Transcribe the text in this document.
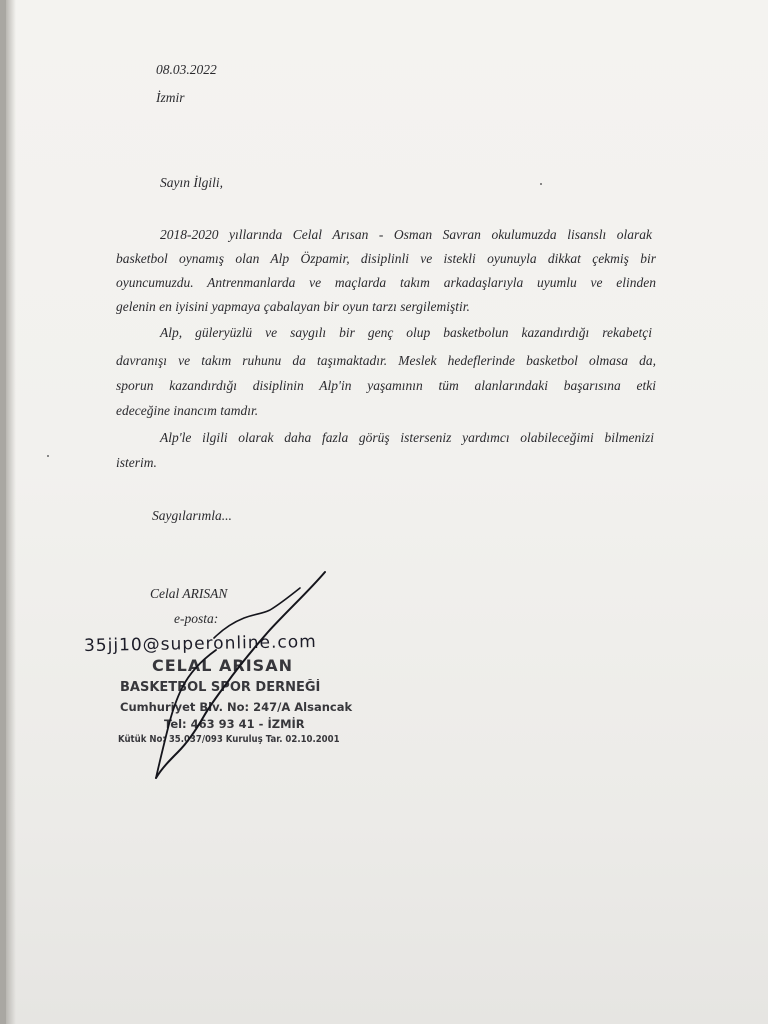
08.03.2022

İzmir

Sayın İlgili,

2018-2020 yıllarında Celal Arısan - Osman Savran okulumuzda lisanslı olarak

basketbol oynamış olan Alp Özpamir, disiplinli ve istekli oyunuyla dikkat çekmiş bir

oyuncumuzdu. Antrenmanlarda ve maçlarda takım arkadaşlarıyla uyumlu ve elinden

gelenin en iyisini yapmaya çabalayan bir oyun tarzı sergilemiştir.

Alp, güleryüzlü ve saygılı bir genç olup basketbolun kazandırdığı rekabetçi

davranışı ve takım ruhunu da taşımaktadır. Meslek hedeflerinde basketbol olmasa da,

sporun kazandırdığı disiplinin Alp'in yaşamının tüm alanlarındaki başarısına etki

edeceğine inancım tamdır.

Alp'le ilgili olarak daha fazla görüş isterseniz yardımcı olabileceğimi bilmenizi

isterim.

Saygılarımla...

Celal ARISAN

e-posta:

35jj10@superonline.com
CELAL ARISAN
BASKETBOL SPOR DERNEĞİ
Cumhuriyet Blv. No: 247/A Alsancak
Tel: 463 93 41 - İZMİR
Kütük No: 35.037/093 Kuruluş Tar. 02.10.2001
